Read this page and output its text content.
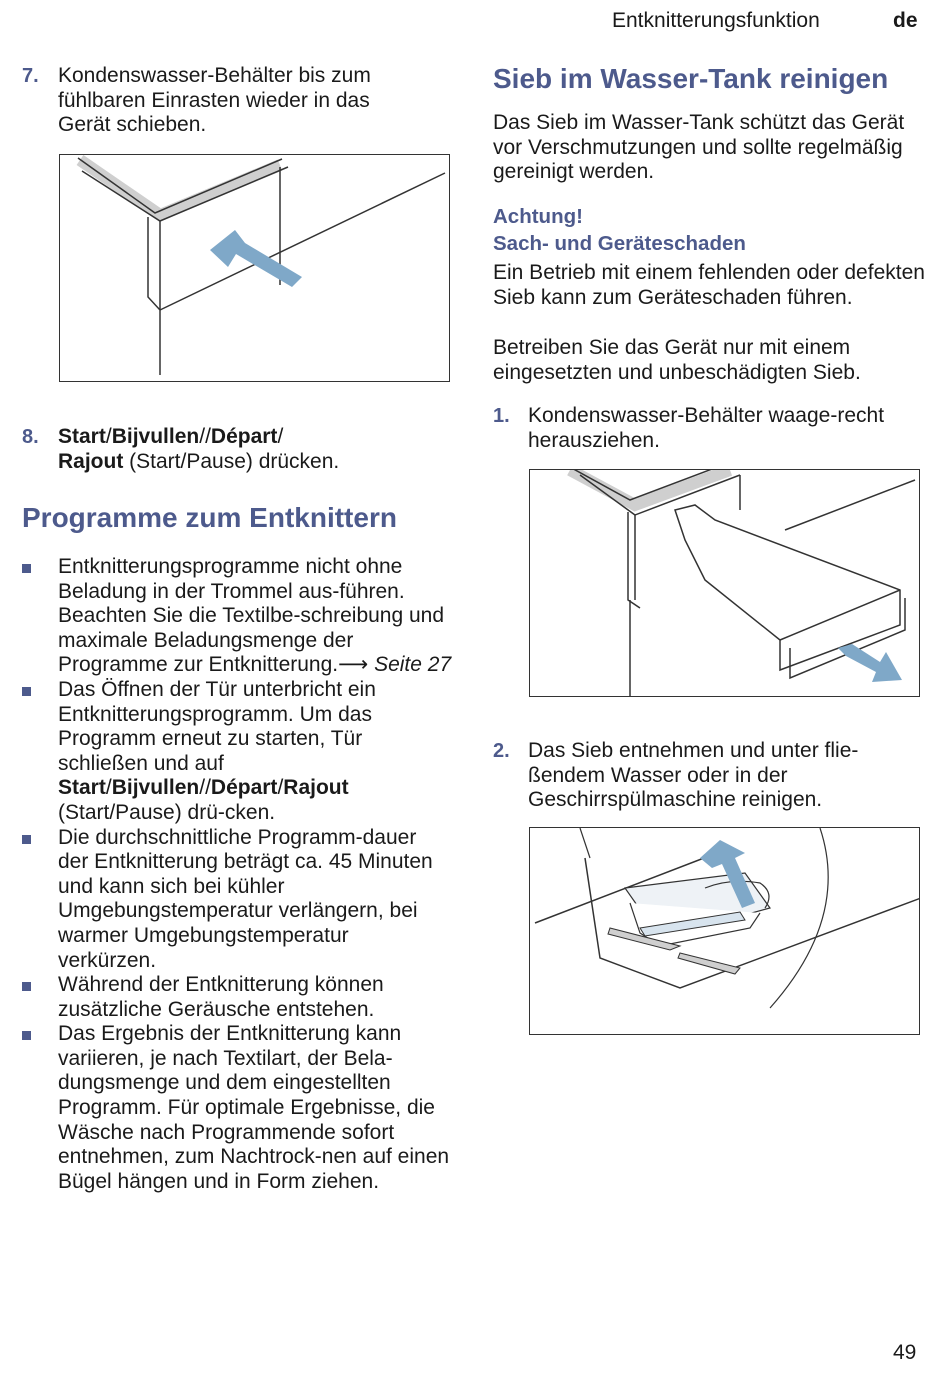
Entknitterungsfunktion	de
7. Kondenswasser-Behälter bis zum fühlbaren Einrasten wieder in das Gerät schieben.
8. Start/Bijvullen//Départ/
Rajout (Start/Pause) drücken.
Programme zum Entknittern
Entknitterungsprogramme nicht ohne Beladung in der Trommel aus-führen. Beachten Sie die Textilbe-schreibung und maximale Beladungsmenge der Programme zur Entknitterung.⟶ Seite 27
Das Öffnen der Tür unterbricht ein Entknitterungsprogramm. Um das Programm erneut zu starten, Tür schließen und auf Start/Bijvullen//Départ/Rajout (Start/Pause) drü-cken.
Die durchschnittliche Programm-dauer der Entknitterung beträgt ca. 45 Minuten und kann sich bei kühler Umgebungstemperatur verlängern, bei warmer Umgebungstemperatur verkürzen.
Während der Entknitterung können zusätzliche Geräusche entstehen.
Das Ergebnis der Entknitterung kann variieren, je nach Textilart, der Bela-dungsmenge und dem eingestellten Programm. Für optimale Ergebnisse, die Wäsche nach Programmende sofort entnehmen, zum Nachtrock-nen auf einen Bügel hängen und in Form ziehen.
Sieb im Wasser-Tank reinigen
Das Sieb im Wasser-Tank schützt das Gerät vor Verschmutzungen und sollte regelmäßig gereinigt werden.
Achtung!
Sach- und Geräteschaden
Ein Betrieb mit einem fehlenden oder defekten Sieb kann zum Geräteschaden führen.
Betreiben Sie das Gerät nur mit einem eingesetzten und unbeschädigten Sieb.
1. Kondenswasser-Behälter waage-recht herausziehen.
2. Das Sieb entnehmen und unter flie-ßendem Wasser oder in der Geschirrspülmaschine reinigen.
49
